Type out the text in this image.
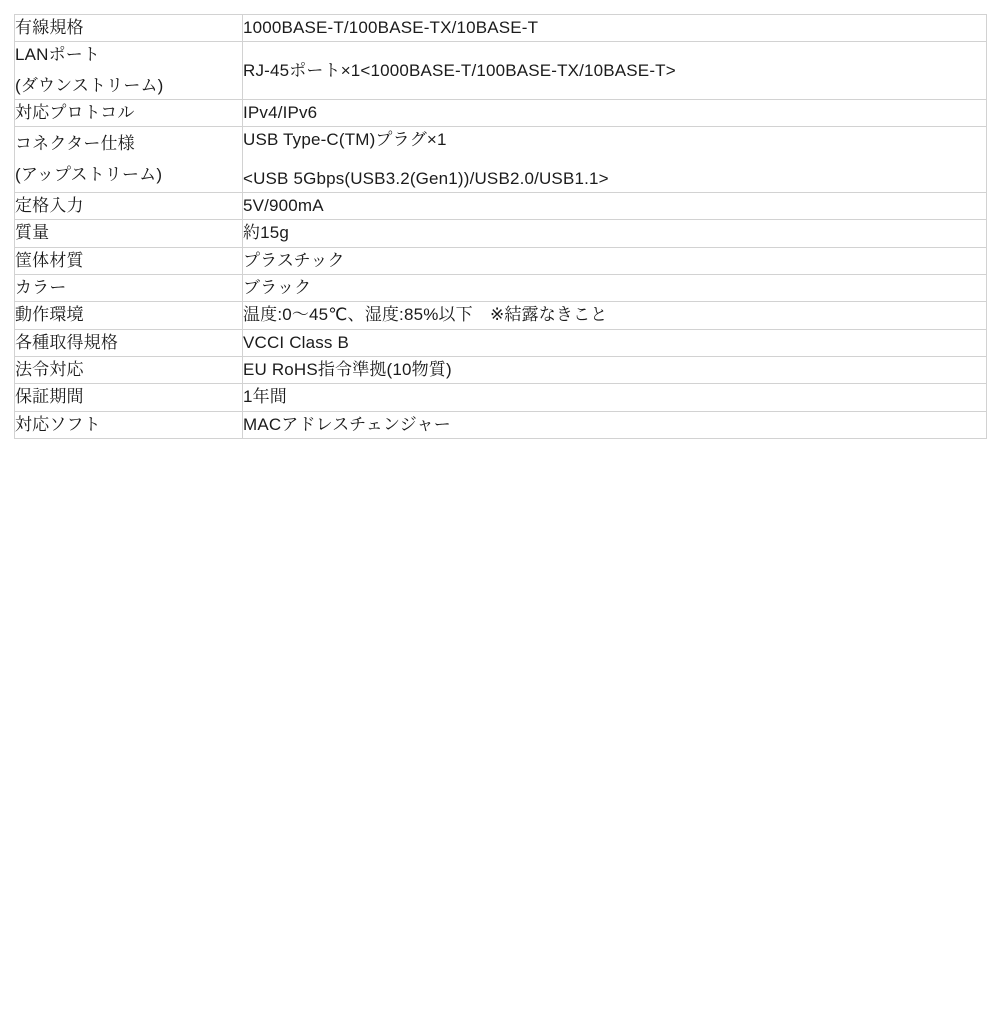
有線規格	1000BASE-T/100BASE-TX/10BASE-T

LANポート
(ダウンストリーム)	RJ-45ポート×1<1000BASE-T/100BASE-TX/10BASE-T>

対応プロトコル	IPv4/IPv6

コネクター仕様
(アップストリーム)	USB Type-C(TM)プラグ×1
<USB 5Gbps(USB3.2(Gen1))/USB2.0/USB1.1>

定格入力	5V/900mA

質量	約15g

筐体材質	プラスチック

カラー	ブラック

動作環境	温度:0〜45℃、湿度:85%以下　※結露なきこと

各種取得規格	VCCI Class B

法令対応	EU RoHS指令準拠(10物質)

保証期間	1年間

対応ソフト	MACアドレスチェンジャー
